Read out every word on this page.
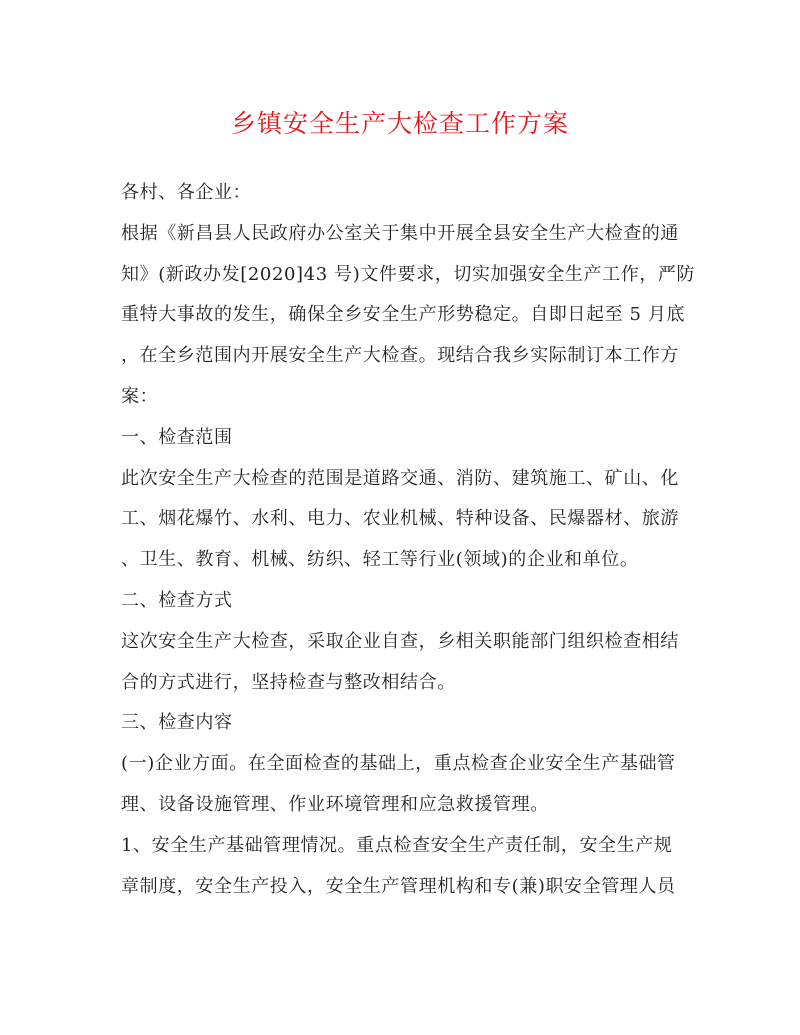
乡镇安全生产大检查工作方案
各村、各企业：
根据《新昌县人民政府办公室关于集中开展全县安全生产大检查的通
知》(新政办发[2020]43 号)文件要求，切实加强安全生产工作，严防
重特大事故的发生，确保全乡安全生产形势稳定。自即日起至 5 月底
，在全乡范围内开展安全生产大检查。现结合我乡实际制订本工作方
案：
一、检查范围
此次安全生产大检查的范围是道路交通、消防、建筑施工、矿山、化
工、烟花爆竹、水利、电力、农业机械、特种设备、民爆器材、旅游
、卫生、教育、机械、纺织、轻工等行业(领域)的企业和单位。
二、检查方式
这次安全生产大检查，采取企业自查，乡相关职能部门组织检查相结
合的方式进行，坚持检查与整改相结合。
三、检查内容
(一)企业方面。在全面检查的基础上，重点检查企业安全生产基础管
理、设备设施管理、作业环境管理和应急救援管理。
1、安全生产基础管理情况。重点检查安全生产责任制，安全生产规
章制度，安全生产投入，安全生产管理机构和专(兼)职安全管理人员
